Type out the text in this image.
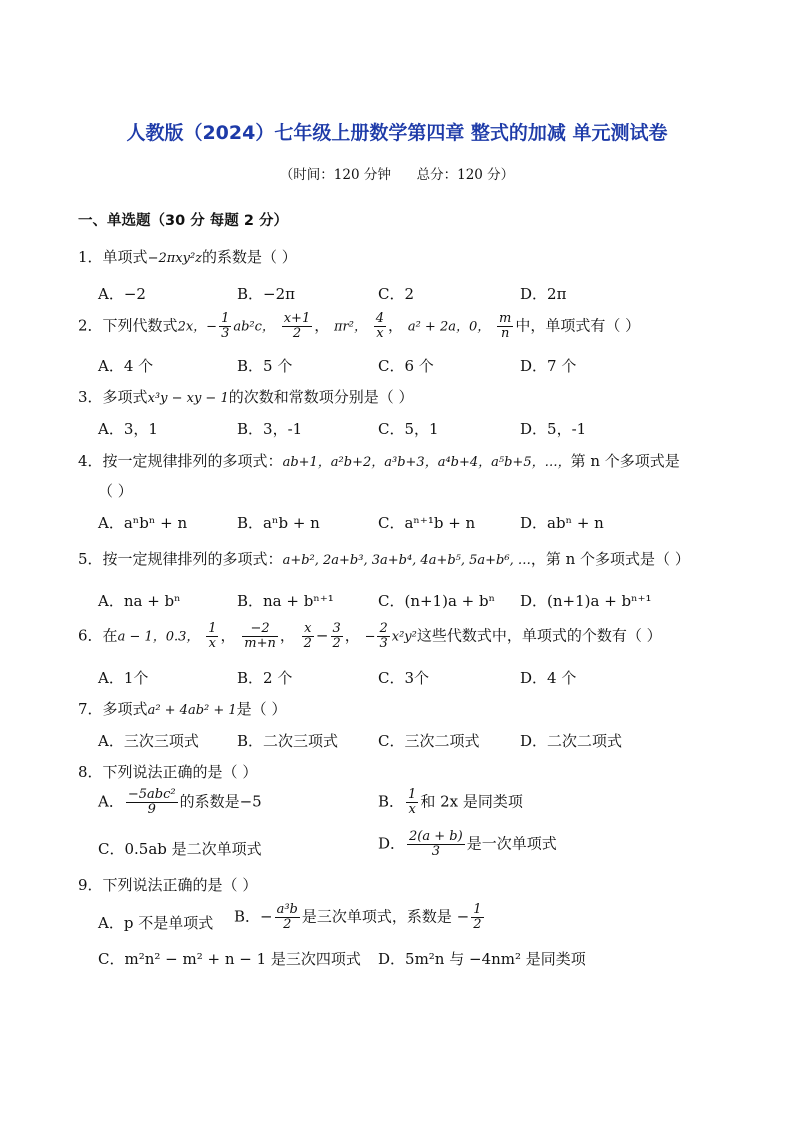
人教版（2024）七年级上册数学第四章 整式的加减 单元测试卷
（时间：120 分钟      总分：120 分）
一、单选题（30 分 每题 2 分）
1．单项式−2πxy²z的系数是（ ）
A．−2	B．−2π	C．2	D．2π
2．下列代数式2x，− $\frac{1}{3} ab^2c$， $\frac{x+1}{2}$ ， πr²， $\frac{4}{x}$ ， a² + 2a，0， $\frac{m}{n}$ 中，单项式有（ ）
A．4 个	B．5 个	C．6 个	D．7 个
3．多项式x³y − xy − 1的次数和常数项分别是（ ）
A．3，1	B．3，-1	C．5，1	D．5，-1
4．按一定规律排列的多项式：ab+1，a²b+2，a³b+3，a⁴b+4，a⁵b+5，…，第 n 个多项式是
（ ）
A．aⁿbⁿ + n	B．aⁿb + n	C．aⁿ⁺¹b + n	D．abⁿ + n
5．按一定规律排列的多项式：a+b², 2a+b³, 3a+b⁴, 4a+b⁵, 5a+b⁶, …，第 n 个多项式是（ ）
A．na + bⁿ	B．na + bⁿ⁺¹	C．(n+1)a + bⁿ D．(n+1)a + bⁿ⁺¹
6．在a − 1，0.3， $\frac{1}{x}$ ， $\frac{-2}{m+n}$ ， $\frac{x}{2} - \frac{3}{2}$ ， − $\frac{2}{3} x^2y^2$这些代数式中，单项式的个数有（ ）
A．1个	B．2 个	C．3个	D．4 个
7．多项式a² + 4ab² + 1是（ ）
A．三次三项式	B．二次三项式	C．三次二项式	D．二次二项式
8．下列说法正确的是（ ）
A． $\frac{\text{−5abc²}}{9}$ 的系数是−5	B． $\frac{1}{x}$ 和 2x 是同类项
C．0.5ab 是二次单项式	D． $\frac{2(a + b)}{3}$ 是一次单项式
9．下列说法正确的是（ ）
A．p 不是单项式 B．− $\frac{\text{a³b}}{2}$ 是三次单项式，系数是 − $\frac{1}{2}$
C．m²n² − m² + n − 1 是三次四项式 D．5m²n 与 −4nm² 是同类项
